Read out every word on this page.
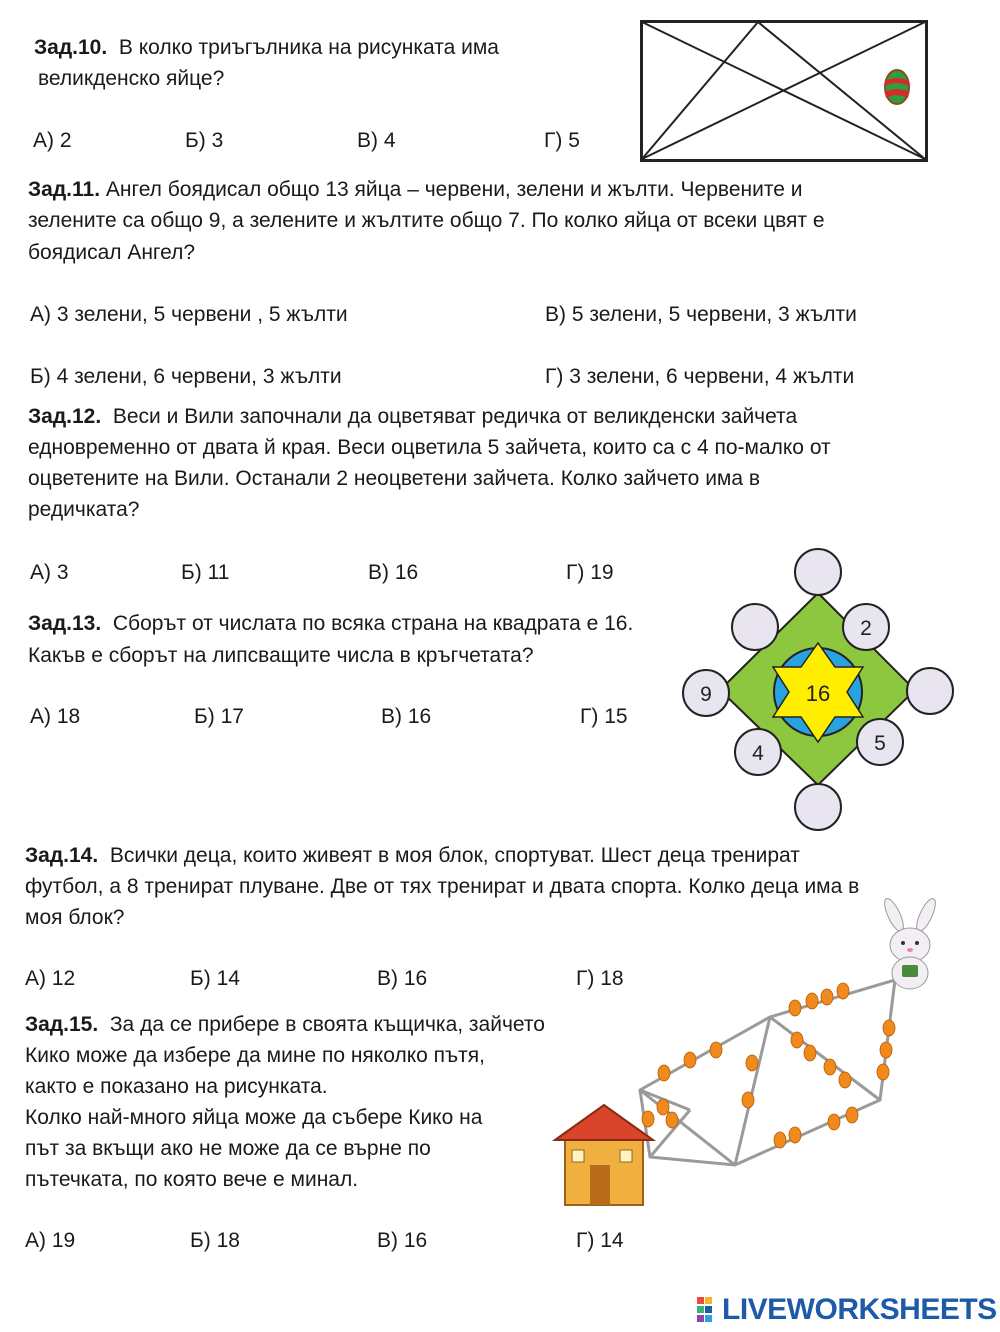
Зад.10. В колко триъгълника на рисунката има
великденско яйце?
А) 2	Б) 3	В) 4	Г) 5
Зад.11. Ангел боядисал общо 13 яйца – червени, зелени и жълти. Червените и
зелените са общо 9, а зелените и жълтите общо 7. По колко яйца от всеки цвят е
боядисал Ангел?
А) 3 зелени, 5 червени , 5 жълти	В) 5 зелени, 5 червени, 3 жълти
Б) 4 зелени, 6 червени, 3 жълти	Г) 3 зелени, 6 червени, 4 жълти
Зад.12. Веси и Вили започнали да оцветяват редичка от великденски зайчета
едновременно от двата й края. Веси оцветила 5 зайчета, които са с 4 по-малко от
оцветените на Вили. Останали 2 неоцветени зайчета. Колко зайчето има в
редичката?
А) 3	Б) 11	В) 16	Г) 19
Зад.13. Сборът от числата по всяка страна на квадрата е 16.
Какъв е сборът на липсващите числа в кръгчетата?
А) 18	Б) 17	В) 16	Г) 15
16
2
9
4	5
Зад.14. Всички деца, които живеят в моя блок, спортуват. Шест деца тренират
футбол, а 8 тренират плуване. Две от тях тренират и двата спорта. Колко деца има в
моя блок?
А) 12	Б) 14	В) 16	Г) 18
Зад.15. За да се прибере в своята къщичка, зайчето
Кико може да избере да мине по няколко пътя,
както е показано на рисунката.
Колко най-много яйца може да събере Кико на
път за вкъщи ако не може да се върне по
пътечката, по която вече е минал.
А) 19	Б) 18	В) 16	Г) 14
LIVEWORKSHEETS
